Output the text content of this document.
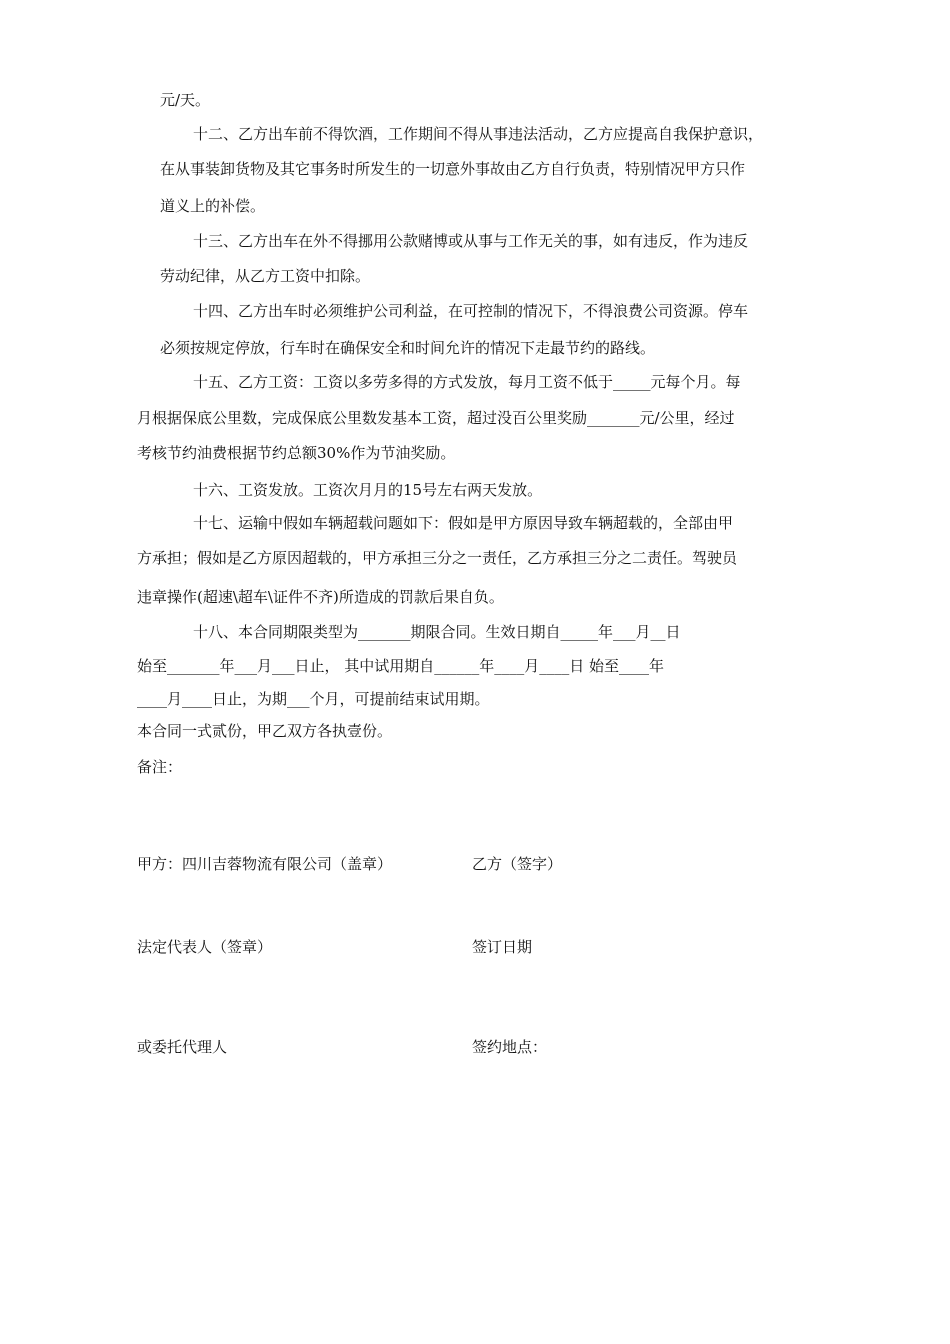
元/天。
十二、乙方出车前不得饮酒，工作期间不得从事违法活动，乙方应提高自我保护意识，
在从事装卸货物及其它事务时所发生的一切意外事故由乙方自行负责，特别情况甲方只作
道义上的补偿。
十三、乙方出车在外不得挪用公款赌博或从事与工作无关的事，如有违反，作为违反
劳动纪律，从乙方工资中扣除。
十四、乙方出车时必须维护公司利益，在可控制的情况下，不得浪费公司资源。停车
必须按规定停放，行车时在确保安全和时间允许的情况下走最节约的路线。
十五、乙方工资：工资以多劳多得的方式发放，每月工资不低于_____元每个月。每
月根据保底公里数，完成保底公里数发基本工资，超过没百公里奖励_______元/公里，经过
考核节约油费根据节约总额30%作为节油奖励。
十六、工资发放。工资次月月的15号左右两天发放。
十七、运输中假如车辆超载问题如下：假如是甲方原因导致车辆超载的，全部由甲
方承担；假如是乙方原因超载的，甲方承担三分之一责任，乙方承担三分之二责任。驾驶员
违章操作(超速\超车\证件不齐)所造成的罚款后果自负。
十八、本合同期限类型为_______期限合同。生效日期自_____年___月__日
始至_______年___月___日止， 其中试用期自______年____月____日 始至____年
____月____日止，为期___个月，可提前结束试用期。
本合同一式贰份，甲乙双方各执壹份。
备注：
甲方：四川吉蓉物流有限公司（盖章）	乙方（签字）
法定代表人（签章）	签订日期
或委托代理人	签约地点：
